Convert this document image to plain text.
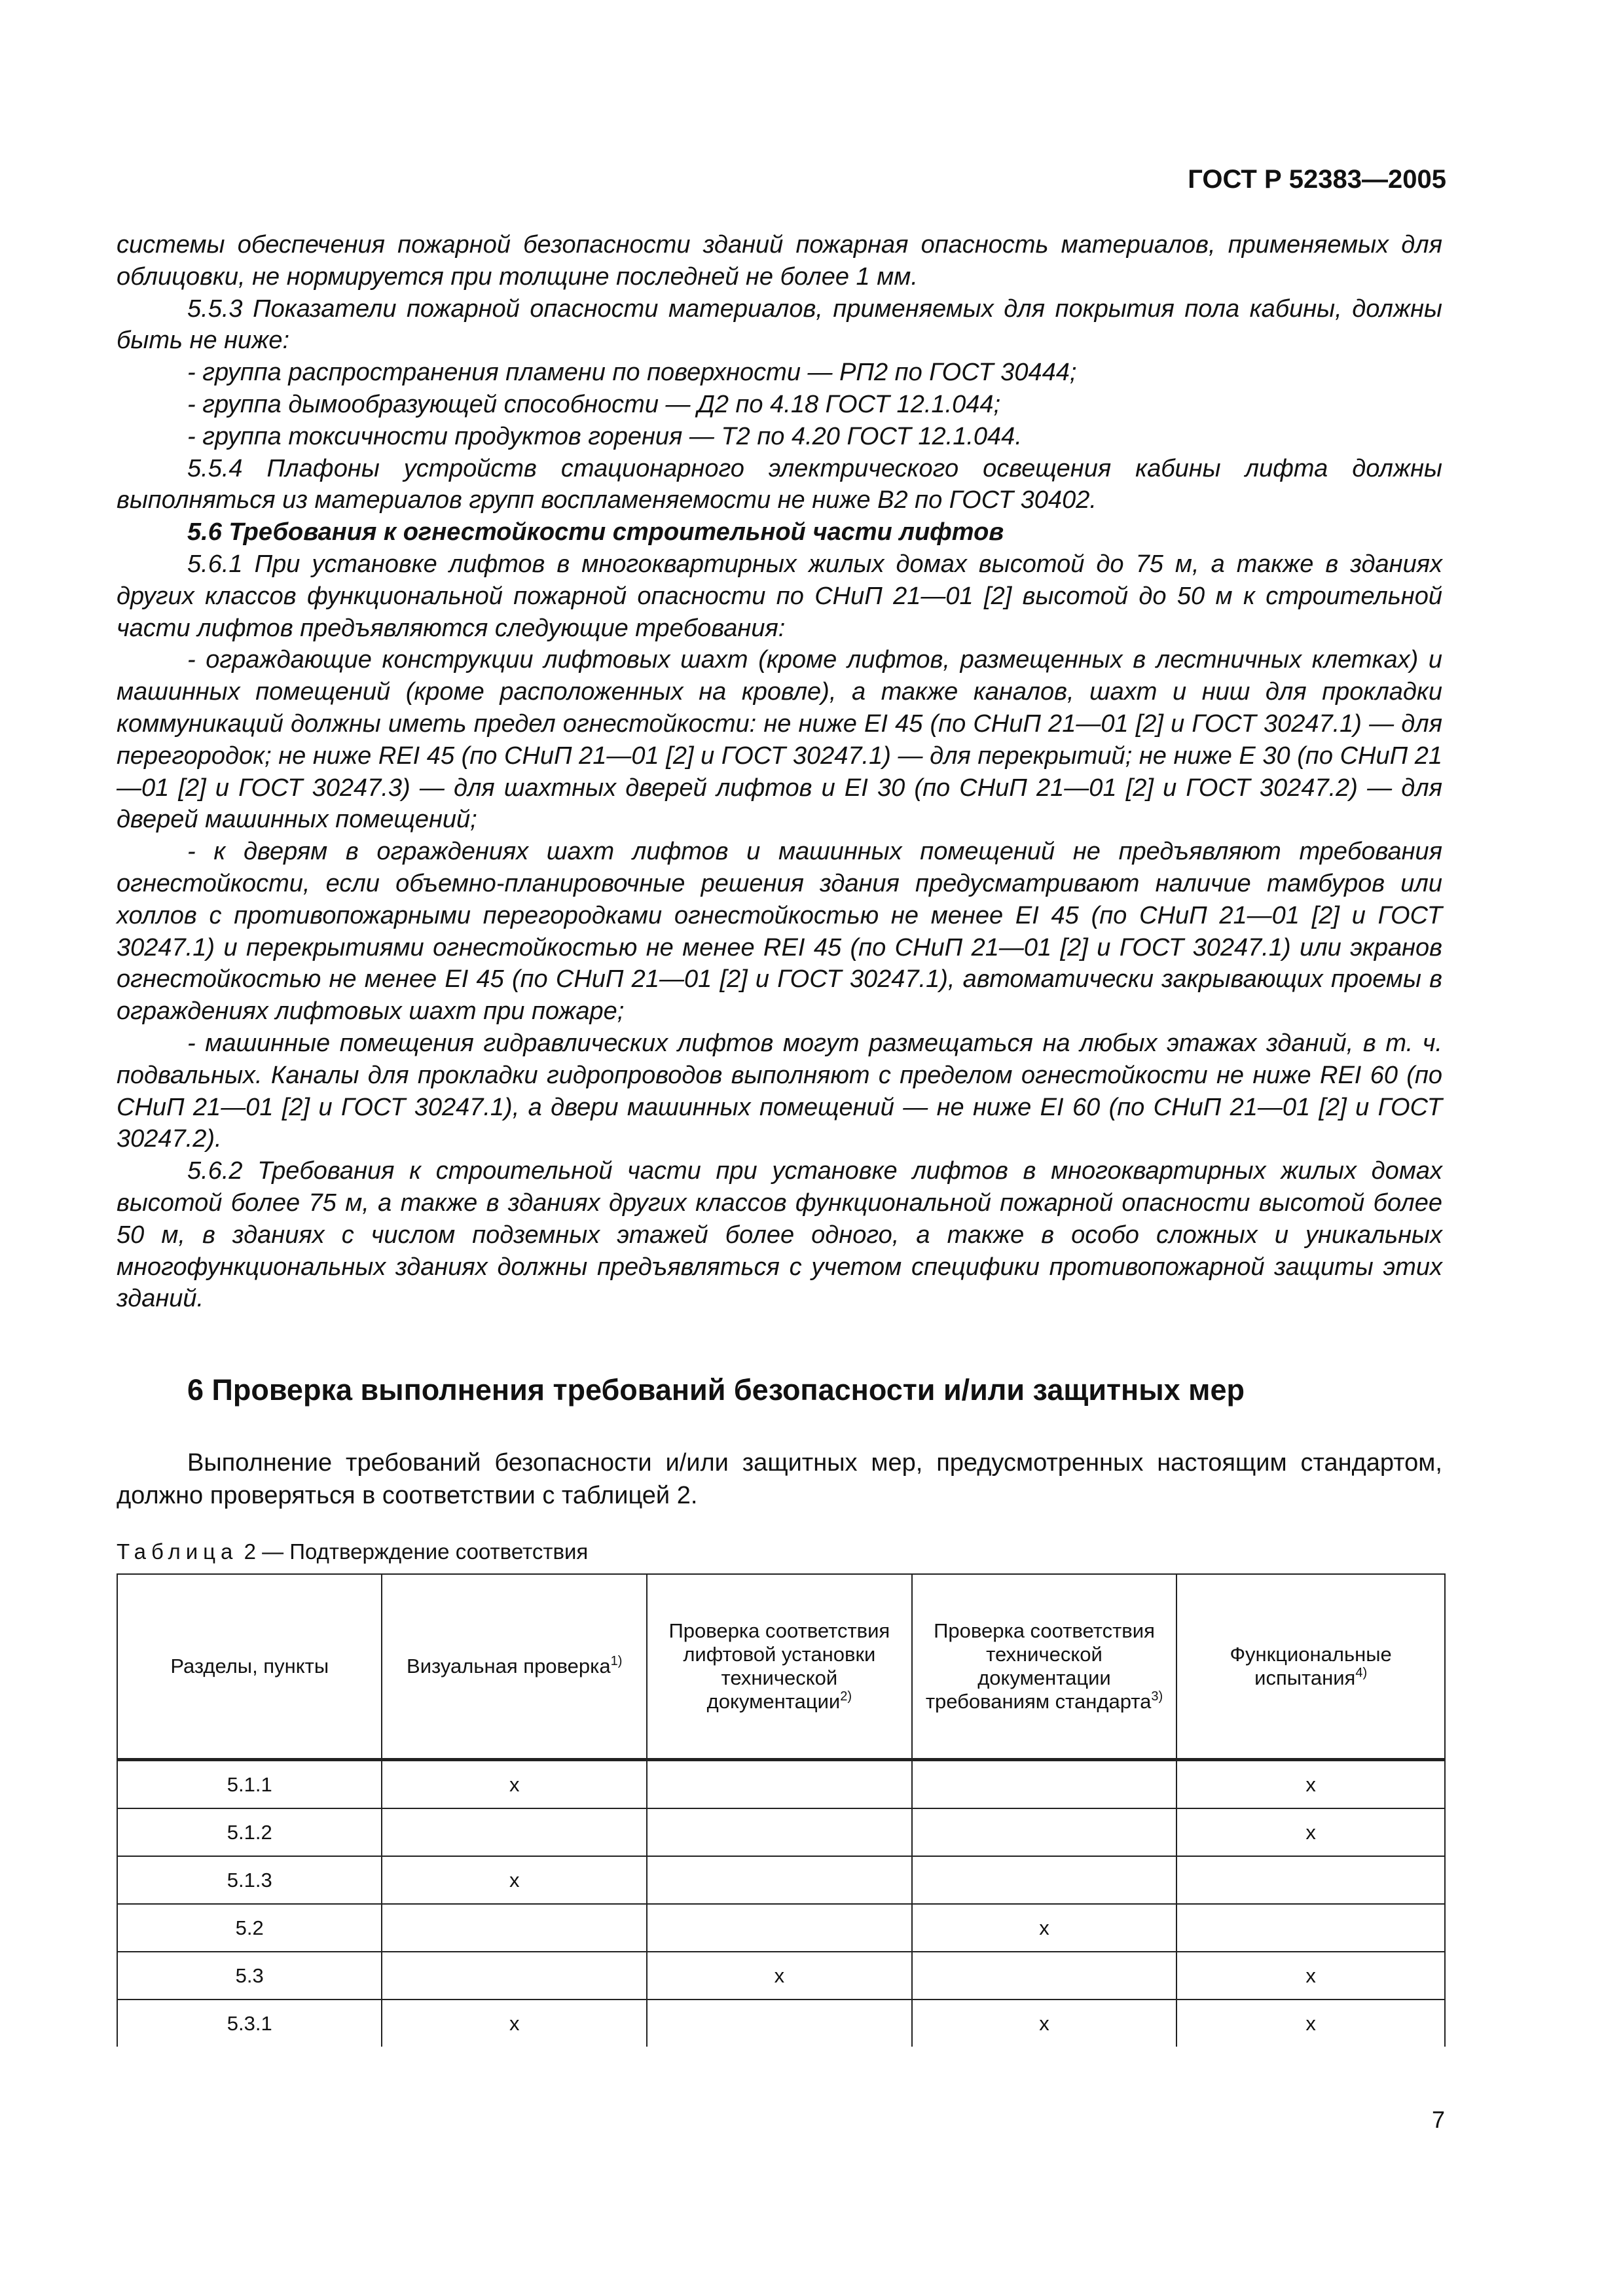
ГОСТ Р 52383—2005

системы обеспечения пожарной безопасности зданий пожарная опасность материалов, применяемых для облицовки, не нормируется при толщине последней не более 1 мм.

5.5.3 Показатели пожарной опасности материалов, применяемых для покрытия пола кабины, должны быть не ниже:

- группа распространения пламени по поверхности — РП2 по ГОСТ 30444;

- группа дымообразующей способности — Д2 по 4.18 ГОСТ 12.1.044;

- группа токсичности продуктов горения — Т2 по 4.20 ГОСТ 12.1.044.

5.5.4 Плафоны устройств стационарного электрического освещения кабины лифта должны выполняться из материалов групп воспламеняемости не ниже В2 по ГОСТ 30402.

5.6 Требования к огнестойкости строительной части лифтов

5.6.1 При установке лифтов в многоквартирных жилых домах высотой до 75 м, а также в зданиях других классов функциональной пожарной опасности по СНиП 21—01 [2] высотой до 50 м к строительной части лифтов предъявляются следующие требования:

- ограждающие конструкции лифтовых шахт (кроме лифтов, размещенных в лестничных клетках) и машинных помещений (кроме расположенных на кровле), а также каналов, шахт и ниш для прокладки коммуникаций должны иметь предел огнестойкости: не ниже EI 45 (по СНиП 21—01 [2] и ГОСТ 30247.1) — для перегородок; не ниже REI 45 (по СНиП 21—01 [2] и ГОСТ 30247.1) — для перекрытий; не ниже Е 30 (по СНиП 21—01 [2] и ГОСТ 30247.3) — для шахтных дверей лифтов и EI 30 (по СНиП 21—01 [2] и ГОСТ 30247.2) — для дверей машинных помещений;

- к дверям в ограждениях шахт лифтов и машинных помещений не предъявляют требования огнестойкости, если объемно-планировочные решения здания предусматривают наличие тамбуров или холлов с противопожарными перегородками огнестойкостью не менее EI 45 (по СНиП 21—01 [2] и ГОСТ 30247.1) и перекрытиями огнестойкостью не менее REI 45 (по СНиП 21—01 [2] и ГОСТ 30247.1) или экранов огнестойкостью не менее EI 45 (по СНиП 21—01 [2] и ГОСТ 30247.1), автоматически закрывающих проемы в ограждениях лифтовых шахт при пожаре;

- машинные помещения гидравлических лифтов могут размещаться на любых этажах зданий, в т. ч. подвальных. Каналы для прокладки гидропроводов выполняют с пределом огнестойкости не ниже REI 60 (по СНиП 21—01 [2] и ГОСТ 30247.1), а двери машинных помещений — не ниже EI 60 (по СНиП 21—01 [2] и ГОСТ 30247.2).

5.6.2 Требования к строительной части при установке лифтов в многоквартирных жилых домах высотой более 75 м, а также в зданиях других классов функциональной пожарной опасности высотой более 50 м, в зданиях с числом подземных этажей более одного, а также в особо сложных и уникальных многофункциональных зданиях должны предъявляться с учетом специфики противопожарной защиты этих зданий.

6 Проверка выполнения требований безопасности и/или защитных мер

Выполнение требований безопасности и/или защитных мер, предусмотренных настоящим стандартом, должно проверяться в соответствии с таблицей 2.

Таблица 2 — Подтверждение соответствия
Разделы, пункты	Визуальная проверка$^{1)}$	Проверка соответствия лифтовой установки технической документации$^{2)}$	Проверка соответствия технической документации требованиям стандарта$^{3)}$	Функциональные испытания$^{4)}$
5.1.1	x			x
5.1.2				x
5.1.3	x			
5.2			x	
5.3		x		x
5.3.1	x		x	x
7
